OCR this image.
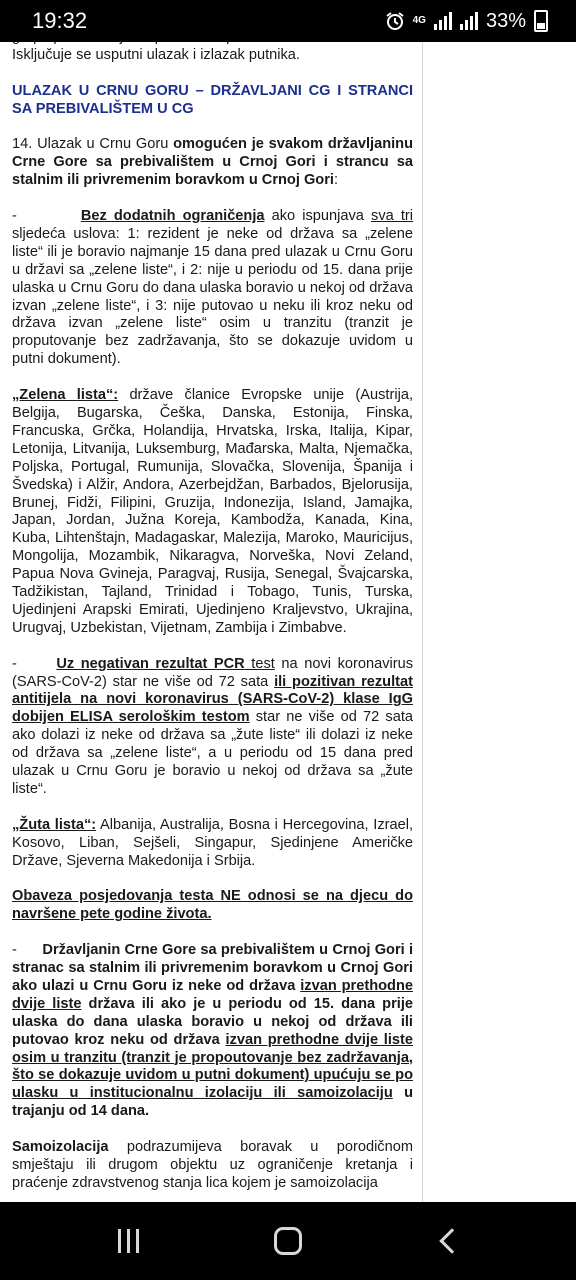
19:32	4G	33%

Isključuje se usputni ulazak i izlazak putnika.

ULAZAK U CRNU GORU – DRŽAVLJANI CG I STRANCI SA PREBIVALIŠTEM U CG

14. Ulazak u Crnu Goru omogućen je svakom državljaninu Crne Gore sa prebivalištem u Crnoj Gori i strancu sa stalnim ili privremenim boravkom u Crnoj Gori:

-	Bez dodatnih ograničenja ako ispunjava sva tri sljedeća uslova: 1: rezident je neke od država sa „zelene liste“ ili je boravio najmanje 15 dana pred ulazak u Crnu Goru u državi sa „zelene liste“, i 2: nije u periodu od 15. dana prije ulaska u Crnu Goru do dana ulaska boravio u nekoj od država izvan „zelene liste“, i 3: nije putovao u neku ili kroz neku od država izvan „zelene liste“ osim u tranzitu (tranzit je proputovanje bez zadržavanja, što se dokazuje uvidom u putni dokument).

„Zelena lista“: države članice Evropske unije (Austrija, Belgija, Bugarska, Češka, Danska, Estonija, Finska, Francuska, Grčka, Holandija, Hrvatska, Irska, Italija, Kipar, Letonija, Litvanija, Luksemburg, Mađarska, Malta, Njemačka, Poljska, Portugal, Rumunija, Slovačka, Slovenija, Španija i Švedska) i Alžir, Andora, Azerbejdžan, Barbados, Bjelorusija, Brunej, Fidži, Filipini, Gruzija, Indonezija, Island, Jamajka, Japan, Jordan, Južna Koreja, Kambodža, Kanada, Kina, Kuba, Lihtenštajn, Madagaskar, Malezija, Maroko, Mauricijus, Mongolija, Mozambik, Nikaragva, Norveška, Novi Zeland, Papua Nova Gvineja, Paragvaj, Rusija, Senegal, Švajcarska, Tadžikistan, Tajland, Trinidad i Tobago, Tunis, Turska, Ujedinjeni Arapski Emirati, Ujedinjeno Kraljevstvo, Ukrajina, Urugvaj, Uzbekistan, Vijetnam, Zambija i Zimbabve.

-	Uz negativan rezultat PCR test na novi koronavirus (SARS-CoV-2) star ne više od 72 sata ili pozitivan rezultat antitijela na novi koronavirus (SARS-CoV-2) klase IgG dobijen ELISA serološkim testom star ne više od 72 sata ako dolazi iz neke od država sa „žute liste“ ili dolazi iz neke od država sa „zelene liste“, a u periodu od 15 dana pred ulazak u Crnu Goru je boravio u nekoj od država sa „žute liste“.

„Žuta lista“: Albanija, Australija, Bosna i Hercegovina, Izrael, Kosovo, Liban, Sejšeli, Singapur, Sjedinjene Američke Države, Sjeverna Makedonija i Srbija.

Obaveza posjedovanja testa NE odnosi se na djecu do navršene pete godine života.

- Državljanin Crne Gore sa prebivalištem u Crnoj Gori i stranac sa stalnim ili privremenim boravkom u Crnoj Gori ako ulazi u Crnu Goru iz neke od država izvan prethodne dvije liste država ili ako je u periodu od 15. dana prije ulaska do dana ulaska boravio u nekoj od država ili putovao kroz neku od država izvan prethodne dvije liste osim u tranzitu (tranzit je propoutovanje bez zadržavanja, što se dokazuje uvidom u putni dokument) upućuju se po ulasku u institucionalnu izolaciju ili samoizolaciju u trajanju od 14 dana.

Samoizolacija podrazumijeva boravak u porodičnom smještaju ili drugom objektu uz ograničenje kretanja i praćenje zdravstvenog stanja lica kojem je samoizolacija
